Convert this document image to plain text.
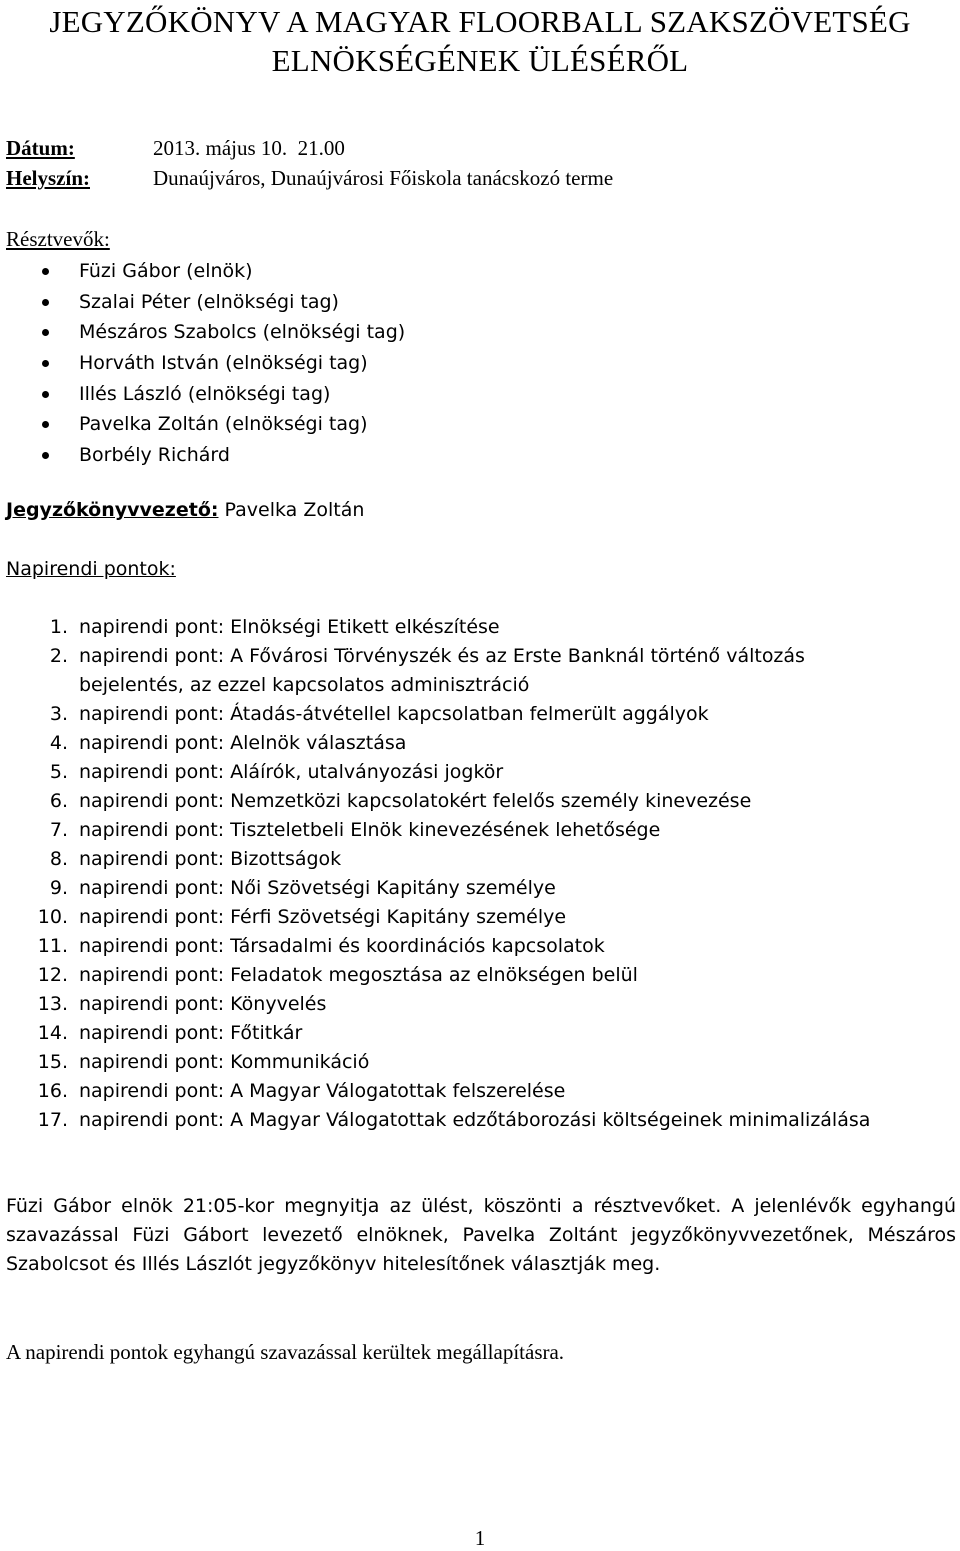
JEGYZŐKÖNYV A MAGYAR FLOORBALL SZAKSZÖVETSÉG
ELNÖKSÉGÉNEK ÜLÉSÉRŐL
Dátum:	2013. május 10.  21.00
Helyszín:	Dunaújváros, Dunaújvárosi Főiskola tanácskozó terme
Résztvevők:
Füzi Gábor (elnök)
Szalai Péter (elnökségi tag)
Mészáros Szabolcs (elnökségi tag)
Horváth István (elnökségi tag)
Illés László (elnökségi tag)
Pavelka Zoltán (elnökségi tag)
Borbély Richárd
Jegyzőkönyvvezető: Pavelka Zoltán
Napirendi pontok:
1. napirendi pont: Elnökségi Etikett elkészítése
2. napirendi pont: A Fővárosi Törvényszék és az Erste Banknál történő változás bejelentés, az ezzel kapcsolatos adminisztráció
3. napirendi pont: Átadás-átvétellel kapcsolatban felmerült aggályok
4. napirendi pont: Alelnök választása
5. napirendi pont: Aláírók, utalványozási jogkör
6. napirendi pont: Nemzetközi kapcsolatokért felelős személy kinevezése
7. napirendi pont: Tiszteletbeli Elnök kinevezésének lehetősége
8. napirendi pont: Bizottságok
9. napirendi pont: Női Szövetségi Kapitány személye
10. napirendi pont: Férfi Szövetségi Kapitány személye
11. napirendi pont: Társadalmi és koordinációs kapcsolatok
12. napirendi pont: Feladatok megosztása az elnökségen belül
13. napirendi pont: Könyvelés
14. napirendi pont: Főtitkár
15. napirendi pont: Kommunikáció
16. napirendi pont: A Magyar Válogatottak felszerelése
17. napirendi pont: A Magyar Válogatottak edzőtáborozási költségeinek minimalizálása
Füzi Gábor elnök 21:05-kor megnyitja az ülést, köszönti a résztvevőket. A jelenlévők egyhangú szavazással Füzi Gábort levezető elnöknek, Pavelka Zoltánt jegyzőkönyvvezetőnek, Mészáros Szabolcsot és Illés Lászlót jegyzőkönyv hitelesítőnek választják meg.
A napirendi pontok egyhangú szavazással kerültek megállapításra.
1
